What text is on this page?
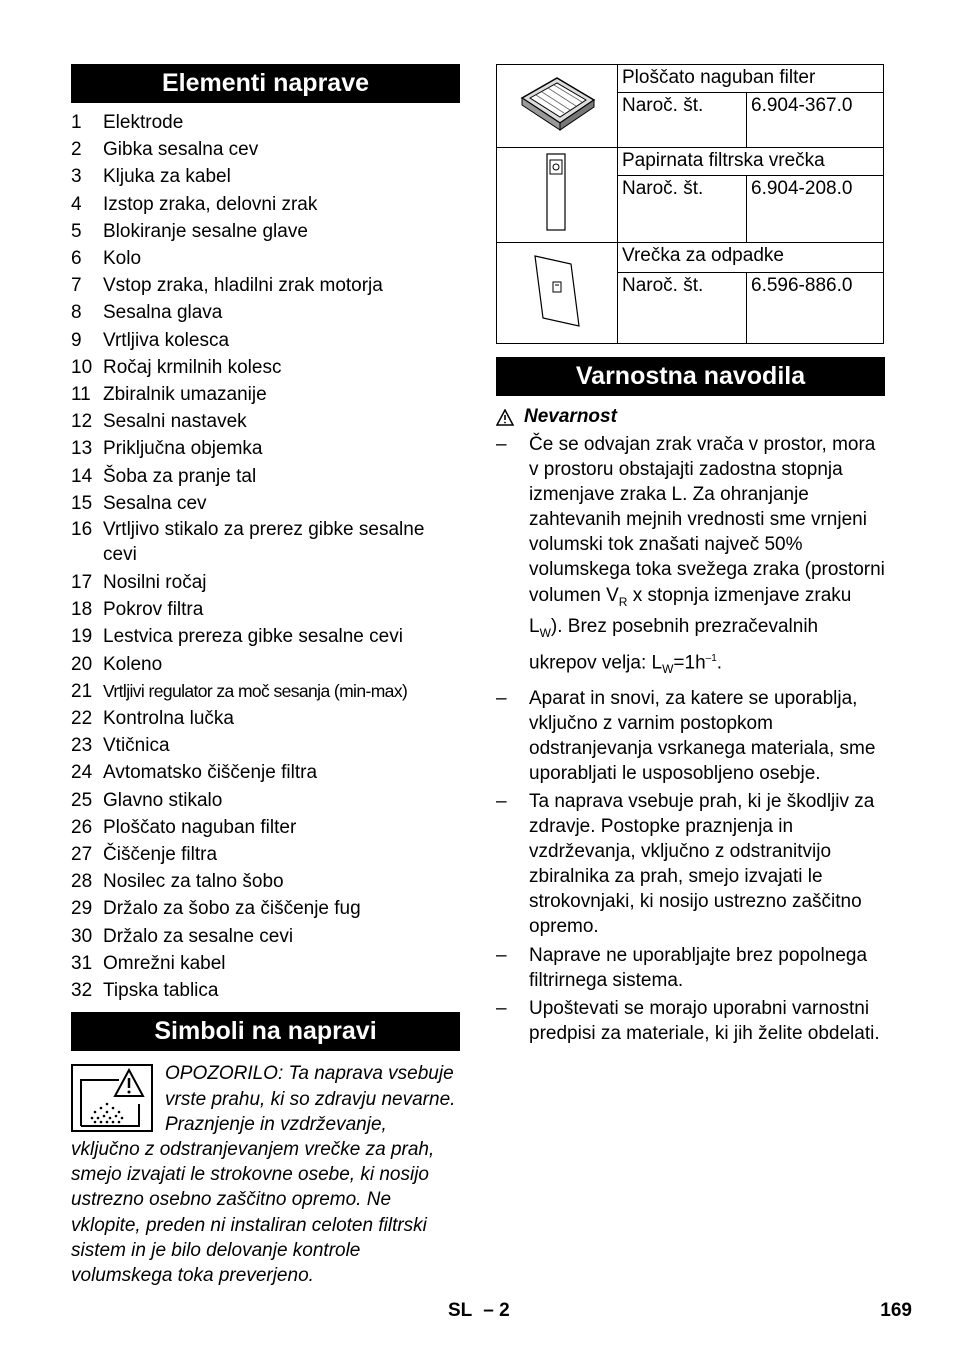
Elementi naprave
1	Elektrode
2	Gibka sesalna cev
3	Kljuka za kabel
4	Izstop zraka, delovni zrak
5	Blokiranje sesalne glave
6	Kolo
7	Vstop zraka, hladilni zrak motorja
8	Sesalna glava
9	Vrtljiva kolesca
10 Ročaj krmilnih kolesc
11 Zbiralnik umazanije
12 Sesalni nastavek
13 Priključna objemka
14 Šoba za pranje tal
15 Sesalna cev
16 Vrtljivo stikalo za prerez gibke sesalne cevi
17 Nosilni ročaj
18 Pokrov filtra
19 Lestvica prereza gibke sesalne cevi
20 Koleno
21 Vrtljivi regulator za moč sesanja (min-max)
22 Kontrolna lučka
23 Vtičnica
24 Avtomatsko čiščenje filtra
25 Glavno stikalo
26 Ploščato naguban filter
27 Čiščenje filtra
28 Nosilec za talno šobo
29 Držalo za šobo za čiščenje fug
30 Držalo za sesalne cevi
31 Omrežni kabel
32 Tipska tablica
Simboli na napravi
OPOZORILO: Ta naprava vsebuje vrste prahu, ki so zdravju nevarne. Praznjenje in vzdrževanje, vključno z odstranjevanjem vrečke za prah, smejo izvajati le strokovne osebe, ki nosijo ustrezno osebno zaščitno opremo. Ne vklopite, preden ni instaliran celoten filtrski sistem in je bilo delovanje kontrole volumskega toka preverjeno.
	Ploščato naguban filter	
	Naroč. št.	6.904-367.0
	Papirnata filtrska vrečka	
	Naroč. št.	6.904-208.0
	Vrečka za odpadke	
	Naroč. št.	6.596-886.0
Varnostna navodila
Nevarnost
–	Če se odvajan zrak vrača v prostor, mora v prostoru obstajajti zadostna stopnja izmenjave zraka L. Za ohranjanje zahtevanih mejnih vrednosti sme vrnjeni volumski tok znašati največ 50% volumskega toka svežega zraka (prostorni volumen $V_R$ x stopnja izmenjave zraku $L_W$). Brez posebnih prezračevalnih ukrepov velja: $L_W=1h^{-1}$.
–	Aparat in snovi, za katere se uporablja, vključno z varnim postopkom odstranjevanja vsrkanega materiala, sme uporabljati le usposobljeno osebje.
–	Ta naprava vsebuje prah, ki je škodljiv za zdravje. Postopke praznjenja in vzdrževanja, vključno z odstranitvijo zbiralnika za prah, smejo izvajati le strokovnjaki, ki nosijo ustrezno zaščitno opremo.
–	Naprave ne uporabljajte brez popolnega filtrirnega sistema.
–	Upoštevati se morajo uporabni varnostni predpisi za materiale, ki jih želite obdelati.
SL – 2	169
